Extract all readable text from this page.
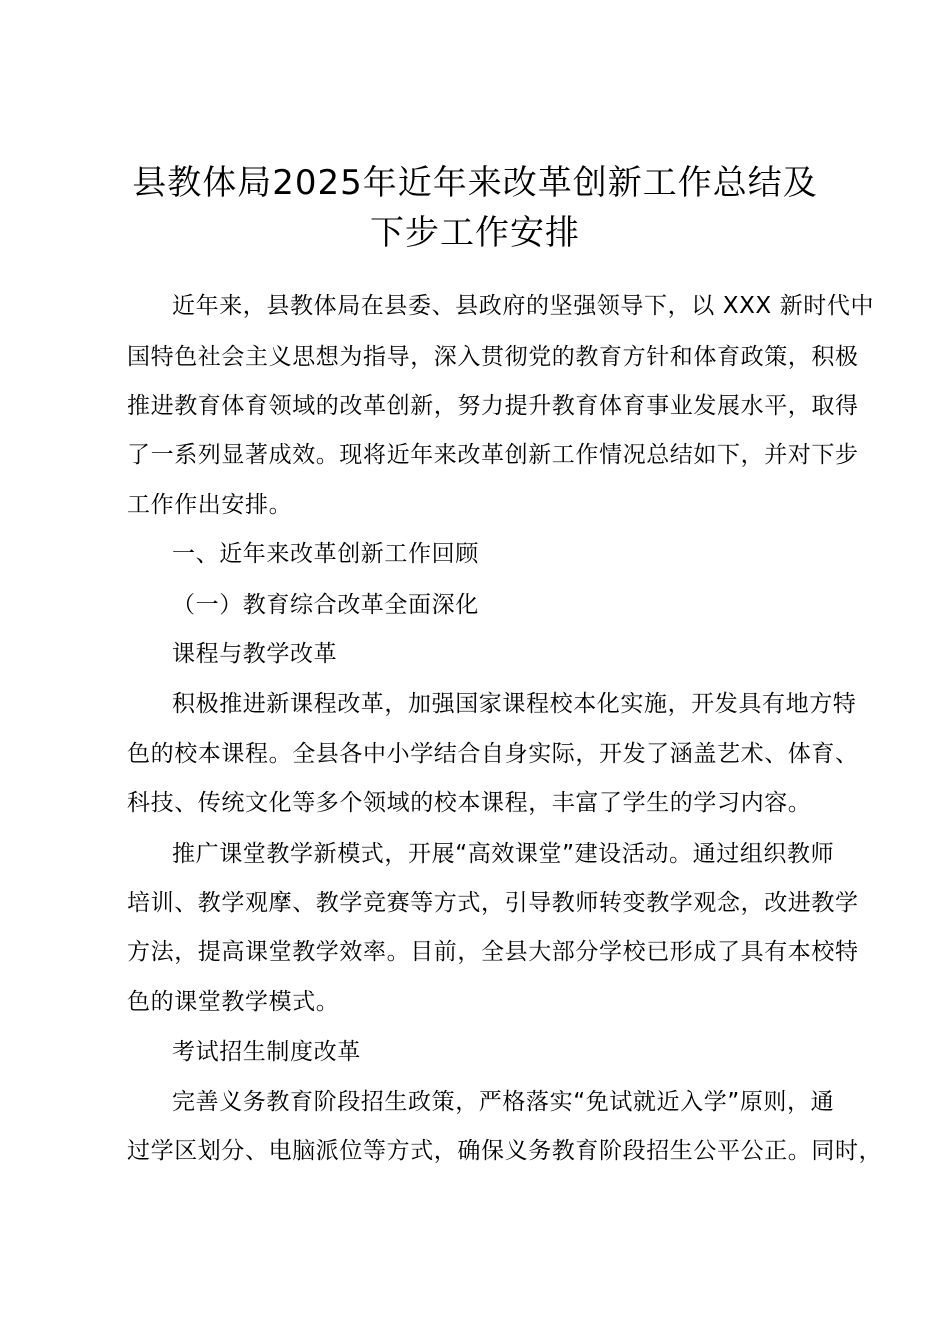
县教体局2025年近年来改革创新工作总结及
下步工作安排
近年来，县教体局在县委、县政府的坚强领导下，以 XXX 新时代中
国特色社会主义思想为指导，深入贯彻党的教育方针和体育政策，积极
推进教育体育领域的改革创新，努力提升教育体育事业发展水平，取得
了一系列显著成效。现将近年来改革创新工作情况总结如下，并对下步
工作作出安排。
一、近年来改革创新工作回顾
（一）教育综合改革全面深化
课程与教学改革
积极推进新课程改革，加强国家课程校本化实施，开发具有地方特
色的校本课程。全县各中小学结合自身实际，开发了涵盖艺术、体育、
科技、传统文化等多个领域的校本课程，丰富了学生的学习内容。
推广课堂教学新模式，开展“高效课堂”建设活动。通过组织教师
培训、教学观摩、教学竞赛等方式，引导教师转变教学观念，改进教学
方法，提高课堂教学效率。目前，全县大部分学校已形成了具有本校特
色的课堂教学模式。
考试招生制度改革
完善义务教育阶段招生政策，严格落实“免试就近入学”原则，通
过学区划分、电脑派位等方式，确保义务教育阶段招生公平公正。同时，
